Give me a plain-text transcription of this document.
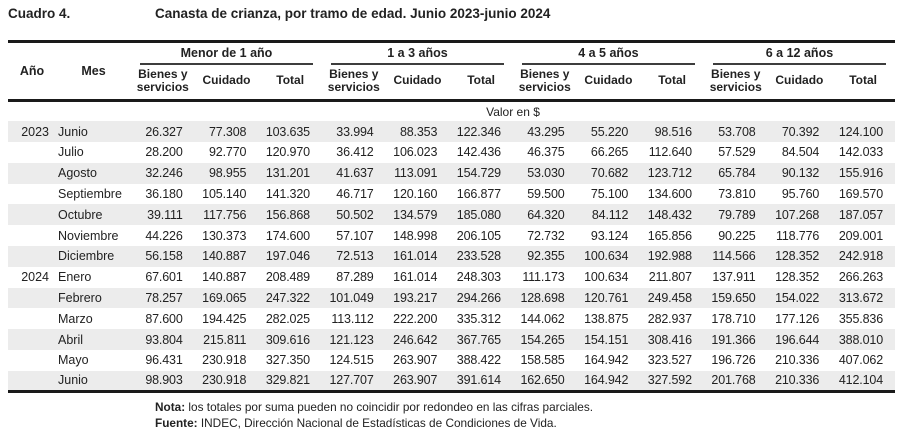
Cuadro 4.	Canasta de crianza, por tramo de edad. Junio 2023-junio 2024
Año	Mes	Menor de 1 año			1 a 3 años			4 a 5 años			6 a 12 años		

		Bienes y servicios	Cuidado	Total	Bienes y servicios	Cuidado	Total	Bienes y servicios	Cuidado	Total	Bienes y servicios	Cuidado	Total
		Valor en $											
2023	Junio	26.327	77.308	103.635	33.994	88.353	122.346	43.295	55.220	98.516	53.708	70.392	124.100
	Julio	28.200	92.770	120.970	36.412	106.023	142.436	46.375	66.265	112.640	57.529	84.504	142.033
	Agosto	32.246	98.955	131.201	41.637	113.091	154.729	53.030	70.682	123.712	65.784	90.132	155.916
	Septiembre	36.180	105.140	141.320	46.717	120.160	166.877	59.500	75.100	134.600	73.810	95.760	169.570
	Octubre	39.111	117.756	156.868	50.502	134.579	185.080	64.320	84.112	148.432	79.789	107.268	187.057
	Noviembre	44.226	130.373	174.600	57.107	148.998	206.105	72.732	93.124	165.856	90.225	118.776	209.001
	Diciembre	56.158	140.887	197.046	72.513	161.014	233.528	92.355	100.634	192.988	114.566	128.352	242.918
2024	Enero	67.601	140.887	208.489	87.289	161.014	248.303	111.173	100.634	211.807	137.911	128.352	266.263
	Febrero	78.257	169.065	247.322	101.049	193.217	294.266	128.698	120.761	249.458	159.650	154.022	313.672
	Marzo	87.600	194.425	282.025	113.112	222.200	335.312	144.062	138.875	282.937	178.710	177.126	355.836
	Abril	93.804	215.811	309.616	121.123	246.642	367.765	154.265	154.151	308.416	191.366	196.644	388.010
	Mayo	96.431	230.918	327.350	124.515	263.907	388.422	158.585	164.942	323.527	196.726	210.336	407.062
	Junio	98.903	230.918	329.821	127.707	263.907	391.614	162.650	164.942	327.592	201.768	210.336	412.104
Nota: los totales por suma pueden no coincidir por redondeo en las cifras parciales.
Fuente: INDEC, Dirección Nacional de Estadísticas de Condiciones de Vida.
